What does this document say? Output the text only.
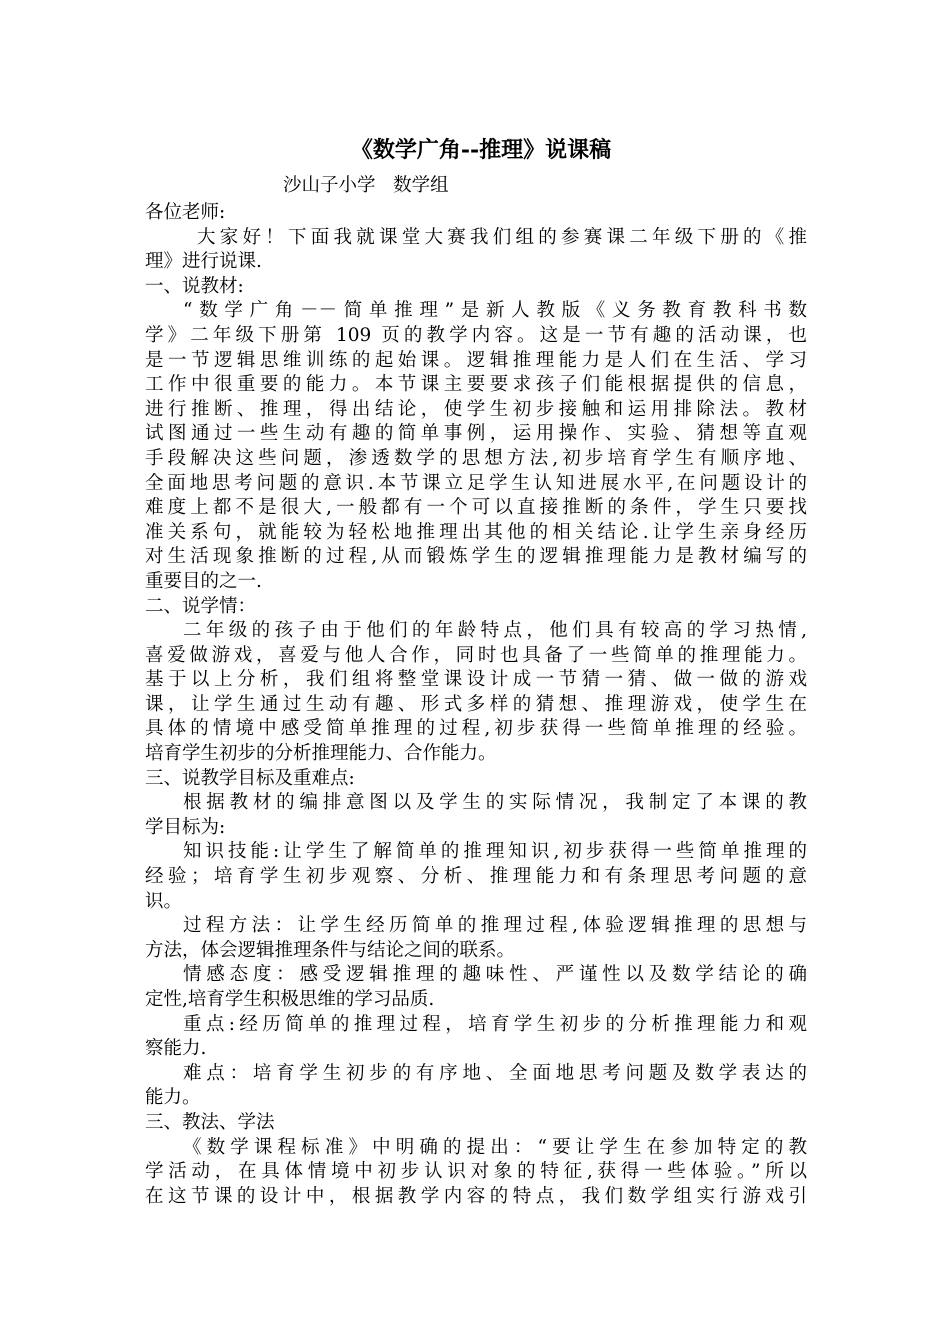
《数学广角--推理》说课稿
沙山子小学   数学组
各位老师:
大家好！下面我就课堂大赛我们组的参赛课二年级下册的《推
理》进行说课.
一、说教材:
“数学广角－－简单推理”是新人教版《义务教育教科书数
学》二年级下册第 109 页的教学内容。这是一节有趣的活动课，也
是一节逻辑思维训练的起始课。逻辑推理能力是人们在生活、学习
工作中很重要的能力。本节课主要要求孩子们能根据提供的信息，
进行推断、推理，得出结论，使学生初步接触和运用排除法。教材
试图通过一些生动有趣的简单事例，运用操作、实验、猜想等直观
手段解决这些问题，渗透数学的思想方法,初步培育学生有顺序地、
全面地思考问题的意识.本节课立足学生认知进展水平,在问题设计的
难度上都不是很大,一般都有一个可以直接推断的条件，学生只要找
准关系句，就能较为轻松地推理出其他的相关结论.让学生亲身经历
对生活现象推断的过程,从而锻炼学生的逻辑推理能力是教材编写的
重要目的之一.
二、说学情：
二年级的孩子由于他们的年龄特点，他们具有较高的学习热情,
喜爱做游戏，喜爱与他人合作，同时也具备了一些简单的推理能力。
基于以上分析，我们组将整堂课设计成一节猜一猜、做一做的游戏
课，让学生通过生动有趣、形式多样的猜想、推理游戏，使学生在
具体的情境中感受简单推理的过程,初步获得一些简单推理的经验。
培育学生初步的分析推理能力、合作能力。
三、说教学目标及重难点:
根据教材的编排意图以及学生的实际情况，我制定了本课的教
学目标为:
知识技能:让学生了解简单的推理知识,初步获得一些简单推理的
经验；培育学生初步观察、分析、推理能力和有条理思考问题的意
识。
过程方法：让学生经历简单的推理过程,体验逻辑推理的思想与
方法，体会逻辑推理条件与结论之间的联系。
情感态度：感受逻辑推理的趣味性、严谨性以及数学结论的确
定性,培育学生积极思维的学习品质.
重点:经历简单的推理过程，培育学生初步的分析推理能力和观
察能力.
难点：培育学生初步的有序地、全面地思考问题及数学表达的
能力。
三、教法、学法
《数学课程标准》中明确的提出：“要让学生在参加特定的教
学活动，在具体情境中初步认识对象的特征,获得一些体验。”所以
在这节课的设计中，根据教学内容的特点，我们数学组实行游戏引
